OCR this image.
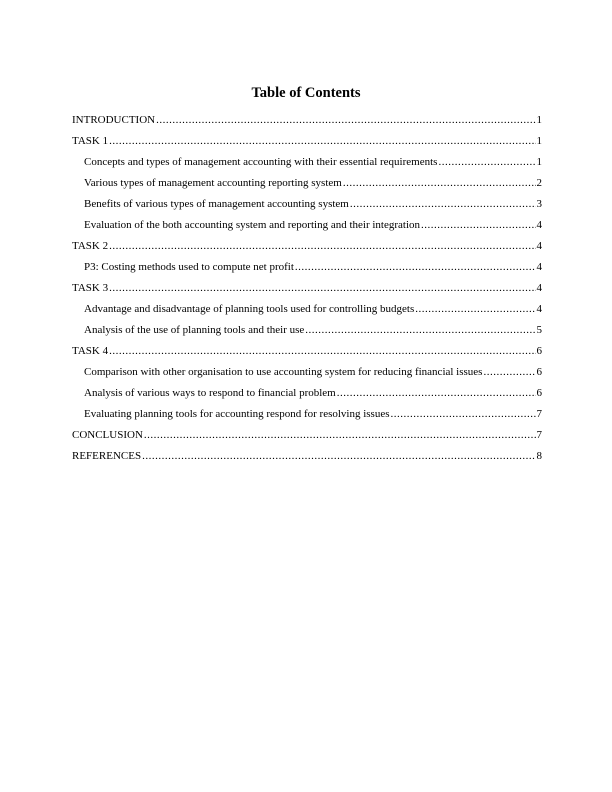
Table of Contents
INTRODUCTION .....	1
TASK 1 .....	1
Concepts and types of management accounting with their essential requirements .....	1
Various types of management accounting reporting system .....	2
Benefits of various types of management accounting system .....	3
Evaluation of the both accounting system and reporting and their integration .....	4
TASK 2 .....	4
P3: Costing methods used to compute net profit .....	4
TASK 3 .....	4
Advantage and disadvantage of planning tools used for controlling budgets .....	4
Analysis of the use of planning tools and their use .....	5
TASK 4 .....	6
Comparison with other organisation to use accounting system for reducing financial issues .....	6
Analysis of various ways to respond to financial problem .....	6
Evaluating planning tools for accounting respond for resolving issues .....	7
CONCLUSION .....	7
REFERENCES .....	8
